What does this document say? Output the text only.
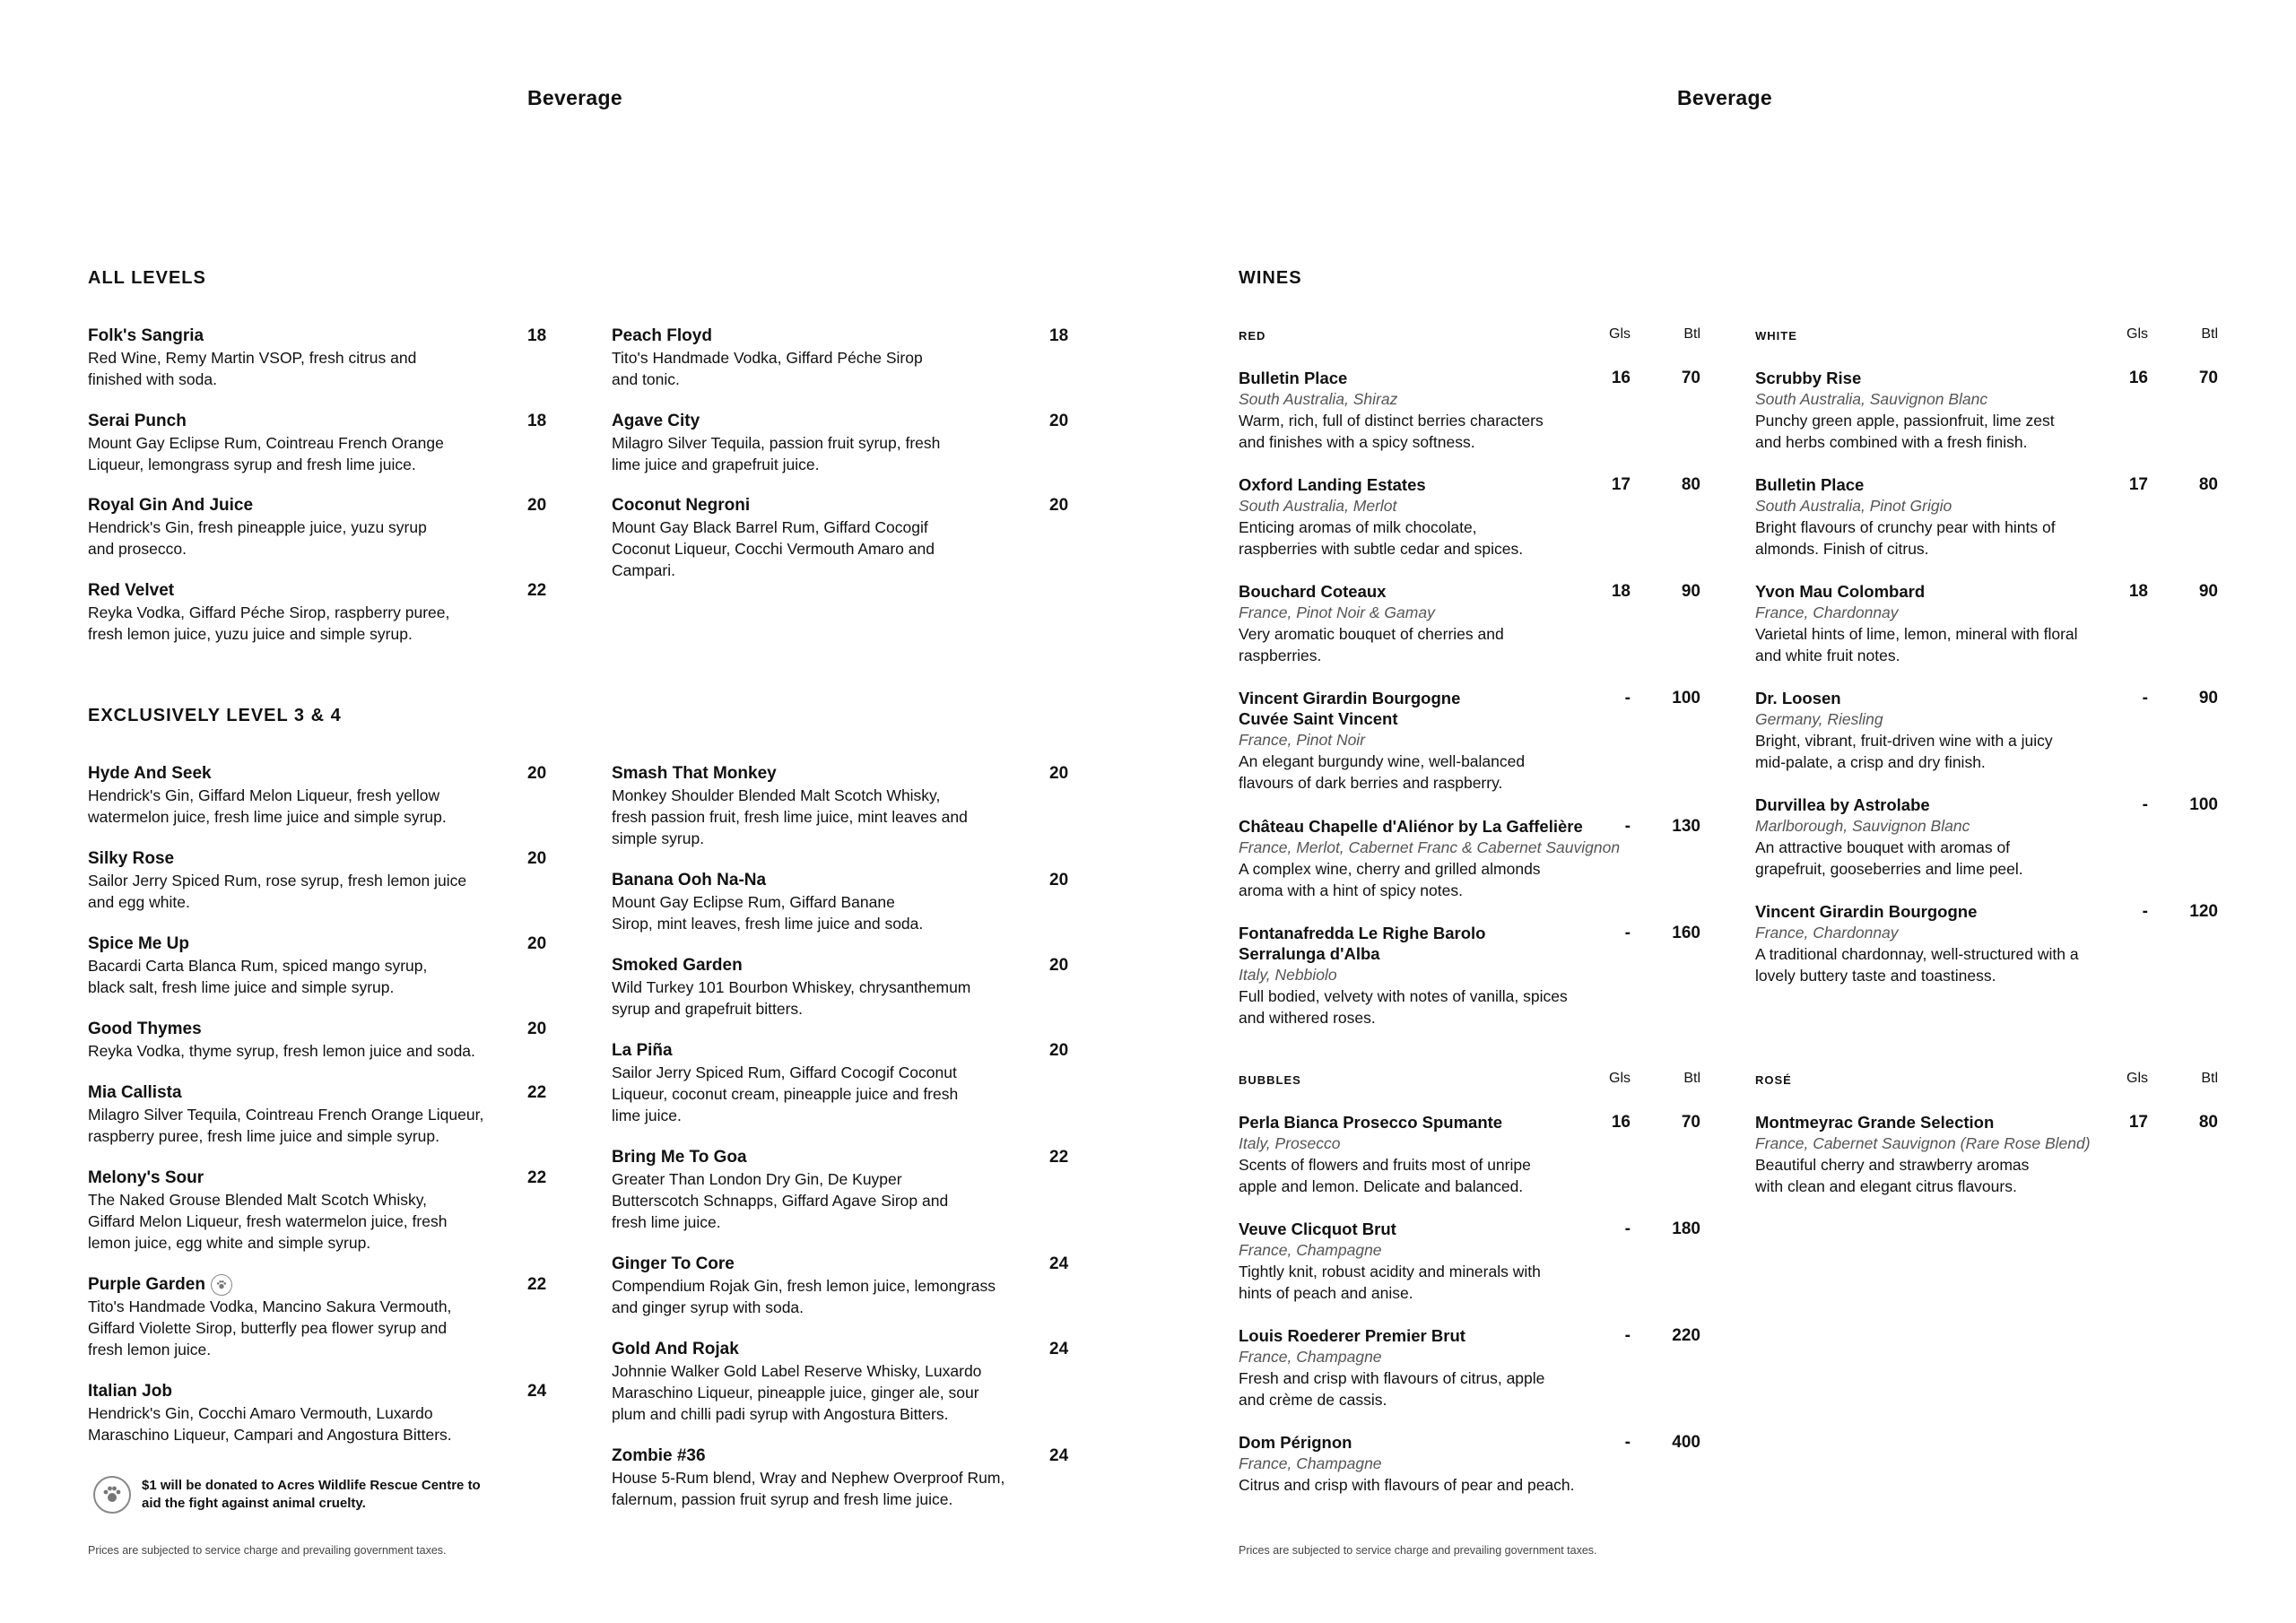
Beverage
ALL LEVELS
Folk's Sangria
Red Wine, Remy Martin VSOP, fresh citrus and
finished with soda.
18
Serai Punch
Mount Gay Eclipse Rum, Cointreau French Orange
Liqueur, lemongrass syrup and fresh lime juice.
18
Royal Gin And Juice
Hendrick's Gin, fresh pineapple juice, yuzu syrup
and prosecco.
20
Red Velvet
Reyka Vodka, Giffard Péche Sirop, raspberry puree,
fresh lemon juice, yuzu juice and simple syrup.
22
Peach Floyd
Tito's Handmade Vodka, Giffard Péche Sirop
and tonic.
18
Agave City
Milagro Silver Tequila, passion fruit syrup, fresh
lime juice and grapefruit juice.
20
Coconut Negroni
Mount Gay Black Barrel Rum, Giffard Cocogif
Coconut Liqueur, Cocchi Vermouth Amaro and
Campari.
20
EXCLUSIVELY LEVEL 3 & 4
Hyde And Seek
Hendrick's Gin, Giffard Melon Liqueur, fresh yellow
watermelon juice, fresh lime juice and simple syrup.
20
Silky Rose
Sailor Jerry Spiced Rum, rose syrup, fresh lemon juice
and egg white.
20
Spice Me Up
Bacardi Carta Blanca Rum, spiced mango syrup,
black salt, fresh lime juice and simple syrup.
20
Good Thymes
Reyka Vodka, thyme syrup, fresh lemon juice and soda.
20
Mia Callista
Milagro Silver Tequila, Cointreau French Orange Liqueur,
raspberry puree, fresh lime juice and simple syrup.
22
Melony's Sour
The Naked Grouse Blended Malt Scotch Whisky,
Giffard Melon Liqueur, fresh watermelon juice, fresh
lemon juice, egg white and simple syrup.
22
Purple Garden
Tito's Handmade Vodka, Mancino Sakura Vermouth,
Giffard Violette Sirop, butterfly pea flower syrup and
fresh lemon juice.
22
Italian Job
Hendrick's Gin, Cocchi Amaro Vermouth, Luxardo
Maraschino Liqueur, Campari and Angostura Bitters.
24
Smash That Monkey
Monkey Shoulder Blended Malt Scotch Whisky,
fresh passion fruit, fresh lime juice, mint leaves and
simple syrup.
20
Banana Ooh Na-Na
Mount Gay Eclipse Rum, Giffard Banane
Sirop, mint leaves, fresh lime juice and soda.
20
Smoked Garden
Wild Turkey 101 Bourbon Whiskey, chrysanthemum
syrup and grapefruit bitters.
20
La Piña
Sailor Jerry Spiced Rum, Giffard Cocogif Coconut
Liqueur, coconut cream, pineapple juice and fresh
lime juice.
20
Bring Me To Goa
Greater Than London Dry Gin, De Kuyper
Butterscotch Schnapps, Giffard Agave Sirop and
fresh lime juice.
22
Ginger To Core
Compendium Rojak Gin, fresh lemon juice, lemongrass
and ginger syrup with soda.
24
Gold And Rojak
Johnnie Walker Gold Label Reserve Whisky, Luxardo
Maraschino Liqueur, pineapple juice, ginger ale, sour
plum and chilli padi syrup with Angostura Bitters.
24
Zombie #36
House 5-Rum blend, Wray and Nephew Overproof Rum,
falernum, passion fruit syrup and fresh lime juice.
24
$1 will be donated to Acres Wildlife Rescue Centre to
aid the fight against animal cruelty.
Prices are subjected to service charge and prevailing government taxes.
Beverage
WINES
RED	Gls	Btl
Bulletin Place
South Australia, Shiraz
Warm, rich, full of distinct berries characters
and finishes with a spicy softness.
16	70
Oxford Landing Estates
South Australia, Merlot
Enticing aromas of milk chocolate,
raspberries with subtle cedar and spices.
17	80
Bouchard Coteaux
France, Pinot Noir & Gamay
Very aromatic bouquet of cherries and
raspberries.
18	90
Vincent Girardin Bourgogne
Cuvée Saint Vincent
France, Pinot Noir
An elegant burgundy wine, well-balanced
flavours of dark berries and raspberry.
-	100
Château Chapelle d'Aliénor by La Gaffelière
France, Merlot, Cabernet Franc & Cabernet Sauvignon
A complex wine, cherry and grilled almonds
aroma with a hint of spicy notes.
-	130
Fontanafredda Le Righe Barolo
Serralunga d'Alba
Italy, Nebbiolo
Full bodied, velvety with notes of vanilla, spices
and withered roses.
-	160
WHITE	Gls	Btl
Scrubby Rise
South Australia, Sauvignon Blanc
Punchy green apple, passionfruit, lime zest
and herbs combined with a fresh finish.
16	70
Bulletin Place
South Australia, Pinot Grigio
Bright flavours of crunchy pear with hints of
almonds. Finish of citrus.
17	80
Yvon Mau Colombard
France, Chardonnay
Varietal hints of lime, lemon, mineral with floral
and white fruit notes.
18	90
Dr. Loosen
Germany, Riesling
Bright, vibrant, fruit-driven wine with a juicy
mid-palate, a crisp and dry finish.
-	90
Durvillea by Astrolabe
Marlborough, Sauvignon Blanc
An attractive bouquet with aromas of
grapefruit, gooseberries and lime peel.
-	100
Vincent Girardin Bourgogne
France, Chardonnay
A traditional chardonnay, well-structured with a
lovely buttery taste and toastiness.
-	120
BUBBLES	Gls	Btl
Perla Bianca Prosecco Spumante
Italy, Prosecco
Scents of flowers and fruits most of unripe
apple and lemon. Delicate and balanced.
16	70
Veuve Clicquot Brut
France, Champagne
Tightly knit, robust acidity and minerals with
hints of peach and anise.
-	180
Louis Roederer Premier Brut
France, Champagne
Fresh and crisp with flavours of citrus, apple
and crème de cassis.
-	220
Dom Pérignon
France, Champagne
Citrus and crisp with flavours of pear and peach.
-	400
ROSÉ	Gls	Btl
Montmeyrac Grande Selection
France, Cabernet Sauvignon (Rare Rose Blend)
Beautiful cherry and strawberry aromas
with clean and elegant citrus flavours.
17	80
Prices are subjected to service charge and prevailing government taxes.
